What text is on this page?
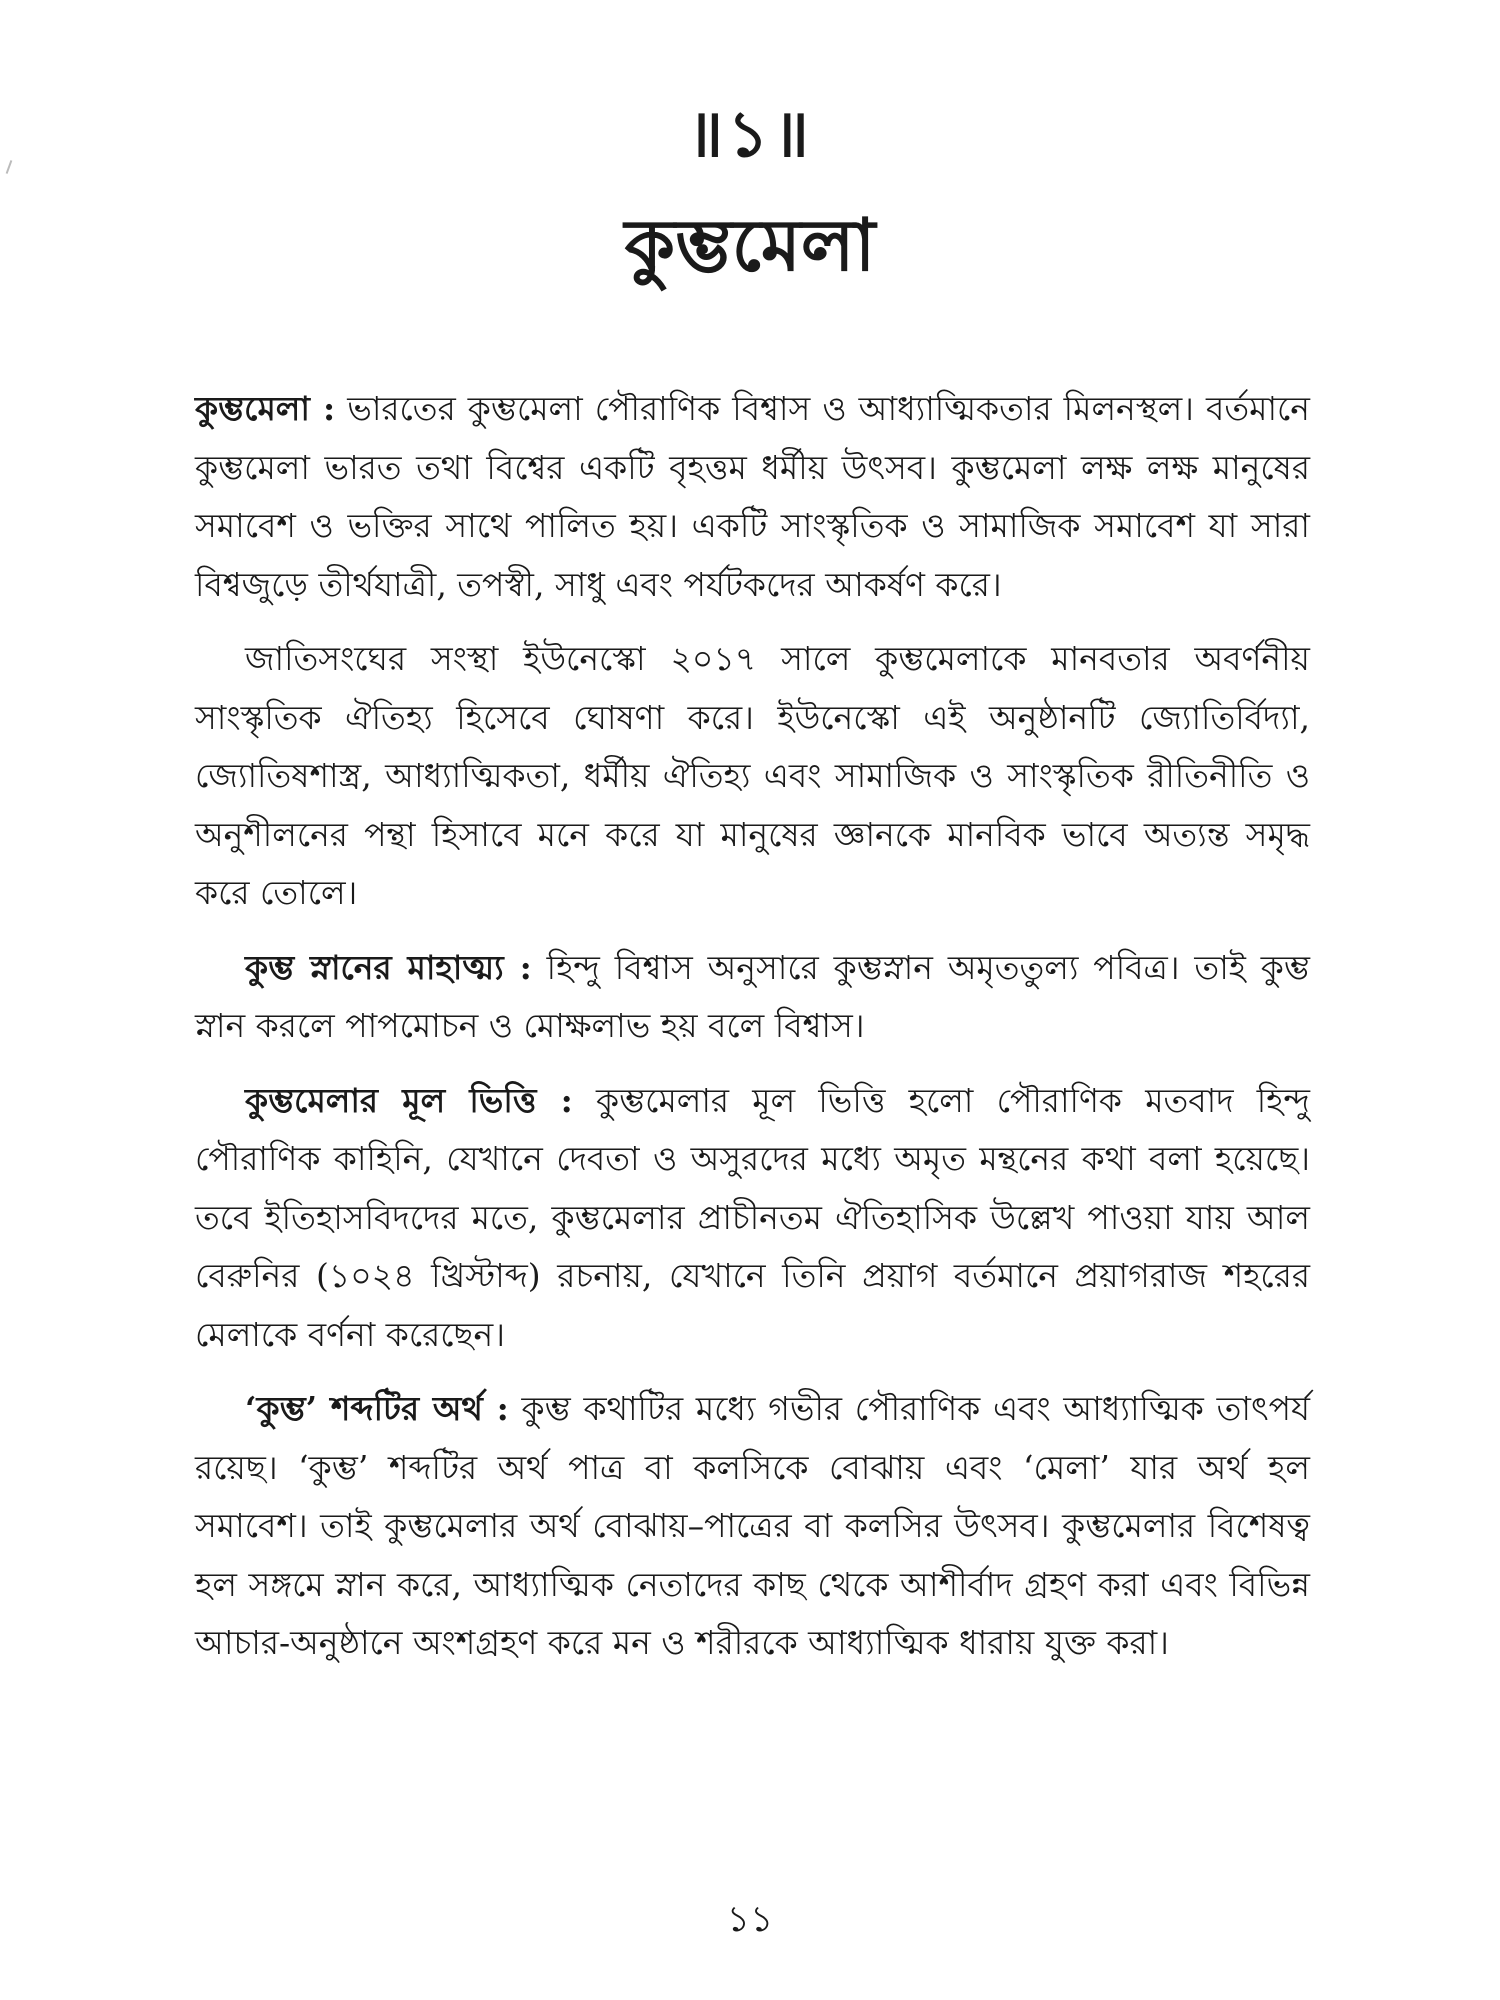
॥১॥
কুম্ভমেলা

কুম্ভমেলা : ভারতের কুম্ভমেলা পৌরাণিক বিশ্বাস ও আধ্যাত্মিকতার মিলনস্থল। বর্তমানে কুম্ভমেলা ভারত তথা বিশ্বের একটি বৃহত্তম ধর্মীয় উৎসব। কুম্ভমেলা লক্ষ লক্ষ মানুষের সমাবেশ ও ভক্তির সাথে পালিত হয়। একটি সাংস্কৃতিক ও সামাজিক সমাবেশ যা সারা বিশ্বজুড়ে তীর্থযাত্রী, তপস্বী, সাধু এবং পর্যটকদের আকর্ষণ করে।

জাতিসংঘের সংস্থা ইউনেস্কো ২০১৭ সালে কুম্ভমেলাকে মানবতার অবর্ণনীয় সাংস্কৃতিক ঐতিহ্য হিসেবে ঘোষণা করে। ইউনেস্কো এই অনুষ্ঠানটি জ্যোতির্বিদ্যা, জ্যোতিষশাস্ত্র, আধ্যাত্মিকতা, ধর্মীয় ঐতিহ্য এবং সামাজিক ও সাংস্কৃতিক রীতিনীতি ও অনুশীলনের পন্থা হিসাবে মনে করে যা মানুষের জ্ঞানকে মানবিক ভাবে অত্যন্ত সমৃদ্ধ করে তোলে।

কুম্ভ স্নানের মাহাত্ম্য : হিন্দু বিশ্বাস অনুসারে কুম্ভস্নান অমৃততুল্য পবিত্র। তাই কুম্ভ স্নান করলে পাপমোচন ও মোক্ষলাভ হয় বলে বিশ্বাস।

কুম্ভমেলার মূল ভিত্তি : কুম্ভমেলার মূল ভিত্তি হলো পৌরাণিক মতবাদ হিন্দু পৌরাণিক কাহিনি, যেখানে দেবতা ও অসুরদের মধ্যে অমৃত মন্থনের কথা বলা হয়েছে। তবে ইতিহাসবিদদের মতে, কুম্ভমেলার প্রাচীনতম ঐতিহাসিক উল্লেখ পাওয়া যায় আল বেরুনির (১০২৪ খ্রিস্টাব্দ) রচনায়, যেখানে তিনি প্রয়াগ বর্তমানে প্রয়াগরাজ শহরের মেলাকে বর্ণনা করেছেন।

‘কুম্ভ’ শব্দটির অর্থ : কুম্ভ কথাটির মধ্যে গভীর পৌরাণিক এবং আধ্যাত্মিক তাৎপর্য রয়েছ। ‘কুম্ভ’ শব্দটির অর্থ পাত্র বা কলসিকে বোঝায় এবং ‘মেলা’ যার অর্থ হল সমাবেশ। তাই কুম্ভমেলার অর্থ বোঝায়–পাত্রের বা কলসির উৎসব। কুম্ভমেলার বিশেষত্ব হল সঙ্গমে স্নান করে, আধ্যাত্মিক নেতাদের কাছ থেকে আশীর্বাদ গ্রহণ করা এবং বিভিন্ন আচার-অনুষ্ঠানে অংশগ্রহণ করে মন ও শরীরকে আধ্যাত্মিক ধারায় যুক্ত করা।

১১
